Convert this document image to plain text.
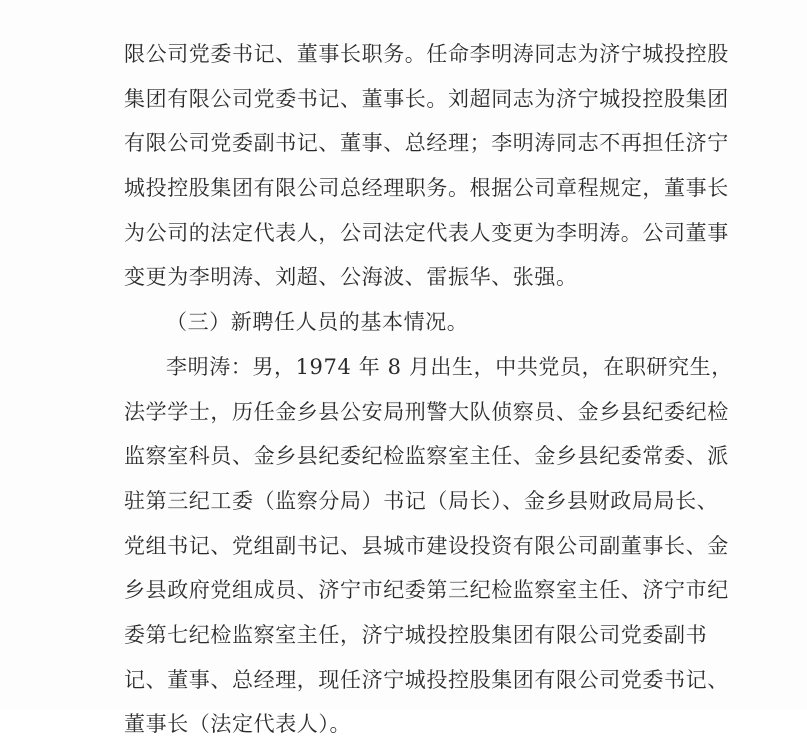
限公司党委书记、董事长职务。任命李明涛同志为济宁城投控股
集团有限公司党委书记、董事长。刘超同志为济宁城投控股集团
有限公司党委副书记、董事、总经理；李明涛同志不再担任济宁
城投控股集团有限公司总经理职务。根据公司章程规定，董事长
为公司的法定代表人，公司法定代表人变更为李明涛。公司董事
变更为李明涛、刘超、公海波、雷振华、张强。
（三）新聘任人员的基本情况。
李明涛：男，1974 年 8 月出生，中共党员，在职研究生，
法学学士，历任金乡县公安局刑警大队侦察员、金乡县纪委纪检
监察室科员、金乡县纪委纪检监察室主任、金乡县纪委常委、派
驻第三纪工委（监察分局）书记（局长）、金乡县财政局局长、
党组书记、党组副书记、县城市建设投资有限公司副董事长、金
乡县政府党组成员、济宁市纪委第三纪检监察室主任、济宁市纪
委第七纪检监察室主任，济宁城投控股集团有限公司党委副书
记、董事、总经理，现任济宁城投控股集团有限公司党委书记、
董事长（法定代表人）。
